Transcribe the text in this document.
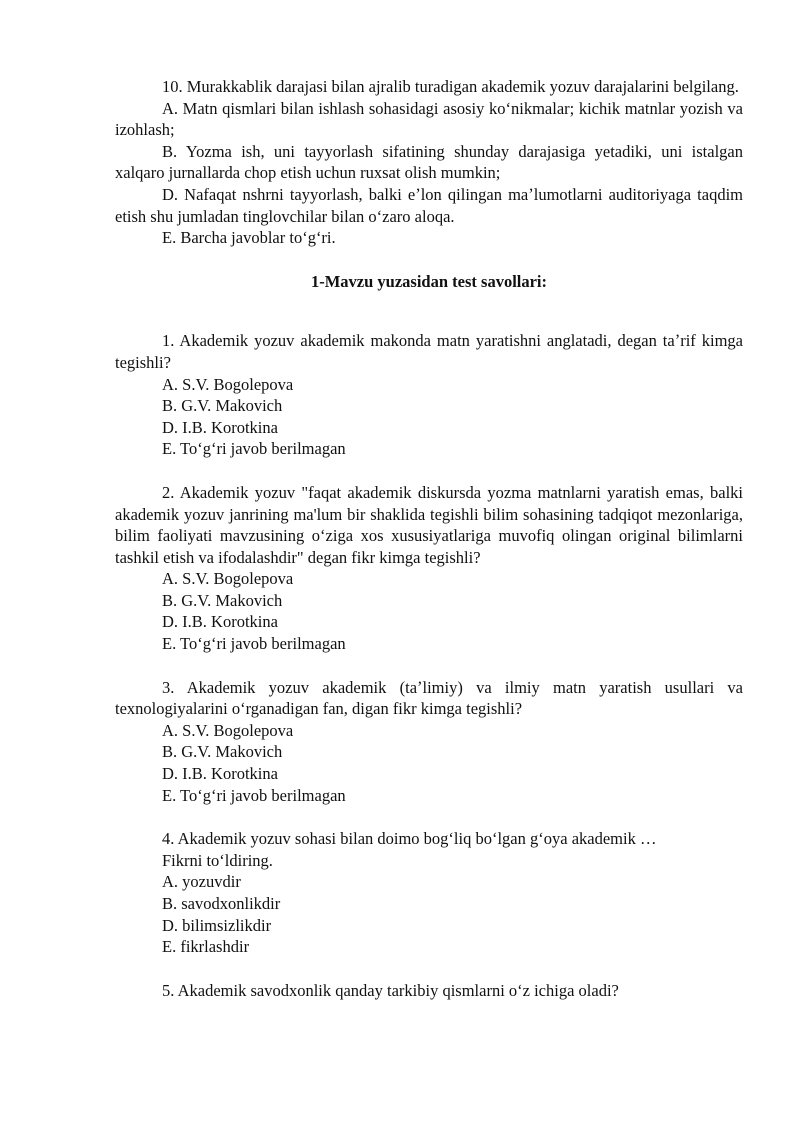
10. Murakkablik darajasi bilan ajralib turadigan akademik yozuv darajalarini belgilang.

A. Matn qismlari bilan ishlash sohasidagi asosiy koʻnikmalar; kichik matnlar yozish va izohlash;

B. Yozma ish, uni tayyorlash sifatining shunday darajasiga yetadiki, uni istalgan xalqaro jurnallarda chop etish uchun ruxsat olish mumkin;

D. Nafaqat nshrni tayyorlash, balki eʼlon qilingan maʼlumotlarni auditoriyaga taqdim etish shu jumladan tinglovchilar bilan oʻzaro aloqa.

E. Barcha javoblar toʻgʻri.

1-Mavzu yuzasidan test savollari:

1. Akademik yozuv akademik makonda matn yaratishni anglatadi, degan taʼrif kimga tegishli?

A. S.V. Bogolepova

B. G.V. Makovich

D. I.B. Korotkina

E. Toʻgʻri javob berilmagan

2. Akademik yozuv "faqat akademik diskursda yozma matnlarni yaratish emas, balki akademik yozuv janrining ma'lum bir shaklida tegishli bilim sohasining tadqiqot mezonlariga, bilim faoliyati mavzusining oʻziga xos xususiyatlariga muvofiq olingan original bilimlarni tashkil etish va ifodalashdir" degan fikr kimga tegishli?

A. S.V. Bogolepova

B. G.V. Makovich

D. I.B. Korotkina

E. Toʻgʻri javob berilmagan

3. Akademik yozuv akademik (taʼlimiy) va ilmiy matn yaratish usullari va texnologiyalarini oʻrganadigan fan, digan fikr kimga tegishli?

A. S.V. Bogolepova

B. G.V. Makovich

D. I.B. Korotkina

E. Toʻgʻri javob berilmagan

4. Akademik yozuv sohasi bilan doimo bogʻliq boʻlgan gʻoya akademik …

Fikrni toʻldiring.

A. yozuvdir

B. savodxonlikdir

D. bilimsizlikdir

E. fikrlashdir

5. Akademik savodxonlik qanday tarkibiy qismlarni oʻz ichiga oladi?
